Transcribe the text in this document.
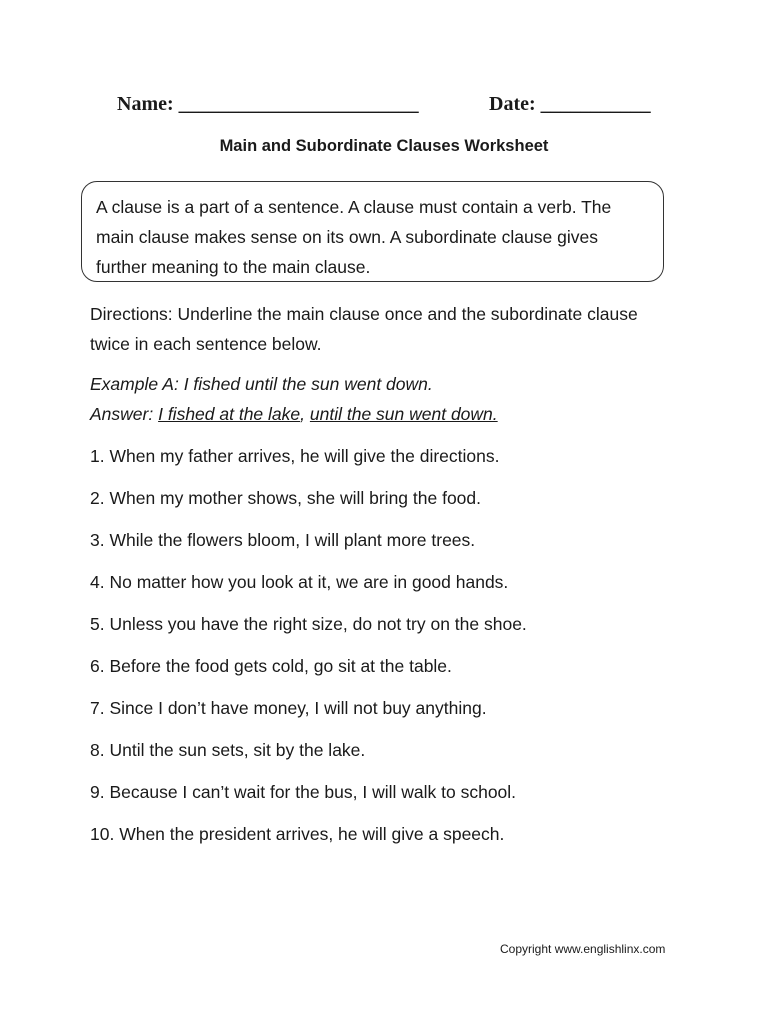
Name: ________________________	Date: ___________
Main and Subordinate Clauses Worksheet

A clause is a part of a sentence. A clause must contain a verb. The

main clause makes sense on its own. A subordinate clause gives

further meaning to the main clause.

Directions: Underline the main clause once and the subordinate clause
twice in each sentence below.

Example A: I fished until the sun went down.

Answer: I fished at the lake, until the sun went down.

1. When my father arrives, he will give the directions.
2. When my mother shows, she will bring the food.
3. While the flowers bloom, I will plant more trees.
4. No matter how you look at it, we are in good hands.
5. Unless you have the right size, do not try on the shoe.
6. Before the food gets cold, go sit at the table.
7. Since I don’t have money, I will not buy anything.
8. Until the sun sets, sit by the lake.
9. Because I can’t wait for the bus, I will walk to school.
10. When the president arrives, he will give a speech.
Copyright www.englishlinx.com
